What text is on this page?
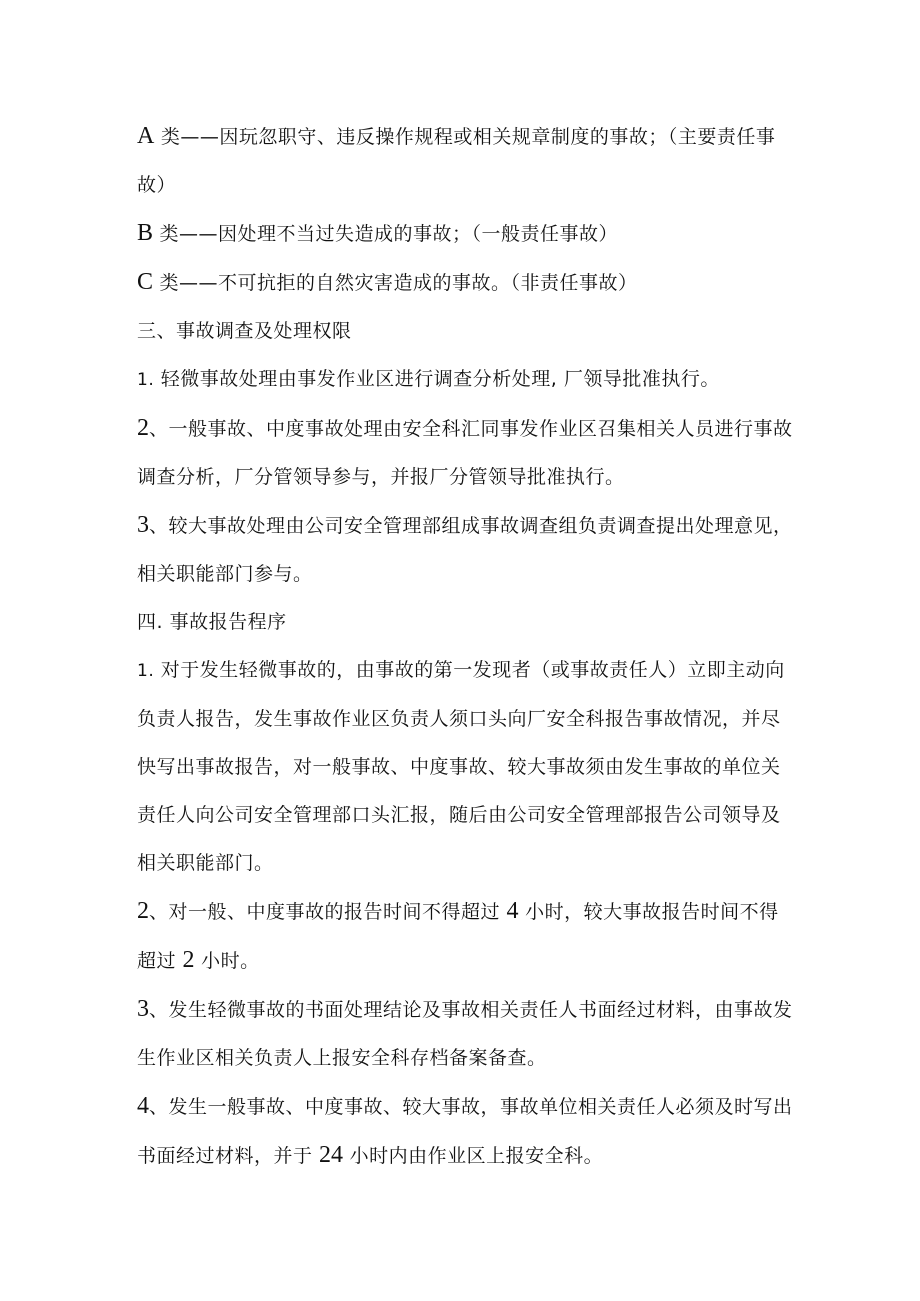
A 类——因玩忽职守、违反操作规程或相关规章制度的事故；（主要责任事故）

B 类——因处理不当过失造成的事故；（一般责任事故）

C 类——不可抗拒的自然灾害造成的事故。（非责任事故）

三、事故调查及处理权限

1. 轻微事故处理由事发作业区进行调查分析处理, 厂领导批准执行。

2、一般事故、中度事故处理由安全科汇同事发作业区召集相关人员进行事故调查分析，厂分管领导参与，并报厂分管领导批准执行。

3、较大事故处理由公司安全管理部组成事故调查组负责调查提出处理意见，相关职能部门参与。

四. 事故报告程序

1. 对于发生轻微事故的，由事故的第一发现者（或事故责任人）立即主动向负责人报告，发生事故作业区负责人须口头向厂安全科报告事故情况，并尽快写出事故报告，对一般事故、中度事故、较大事故须由发生事故的单位关责任人向公司安全管理部口头汇报，随后由公司安全管理部报告公司领导及相关职能部门。

2、对一般、中度事故的报告时间不得超过 4 小时，较大事故报告时间不得超过 2 小时。

3、发生轻微事故的书面处理结论及事故相关责任人书面经过材料，由事故发生作业区相关负责人上报安全科存档备案备查。

4、发生一般事故、中度事故、较大事故，事故单位相关责任人必须及时写出书面经过材料，并于 24 小时内由作业区上报安全科。
